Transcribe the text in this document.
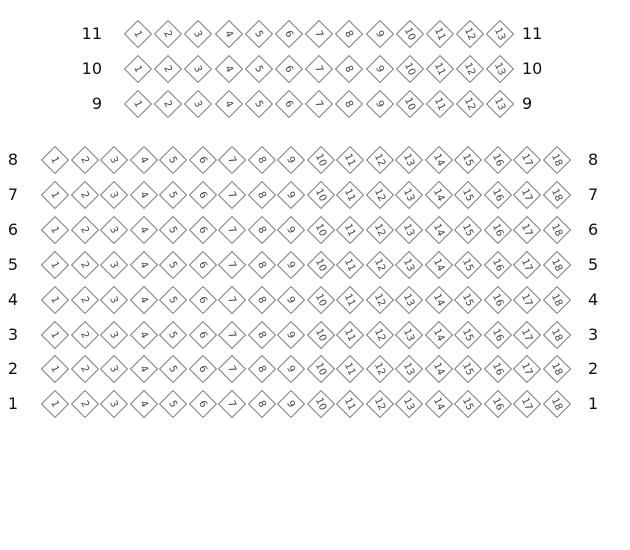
11	1	2	3	4	5	6	7	8	9	10	11	12	13 11
10	1	2	3	4	5	6	7	8	9	10	11	12	13 10
9	1	2	3	4	5	6	7	8	9	10	11	12	13 9
8	1	2	3	4	5	6	7	8	9	10	11	12	13	14	15	16	17	18 8
7	1	2	3	4	5	6	7	8	9	10	11	12	13	14	15	16	17	18 7
6	1	2	3	4	5	6	7	8	9	10	11	12	13	14	15	16	17	18 6
5	1	2	3	4	5	6	7	8	9	10	11	12	13	14	15	16	17	18 5
4	1	2	3	4	5	6	7	8	9	10	11	12	13	14	15	16	17	18 4
3	1	2	3	4	5	6	7	8	9	10	11	12	13	14	15	16	17	18 3
2	1	2	3	4	5	6	7	8	9	10	11	12	13	14	15	16	17	18 2
1	1	2	3	4	5	6	7	8	9	10	11	12	13	14	15	16	17	18 1
